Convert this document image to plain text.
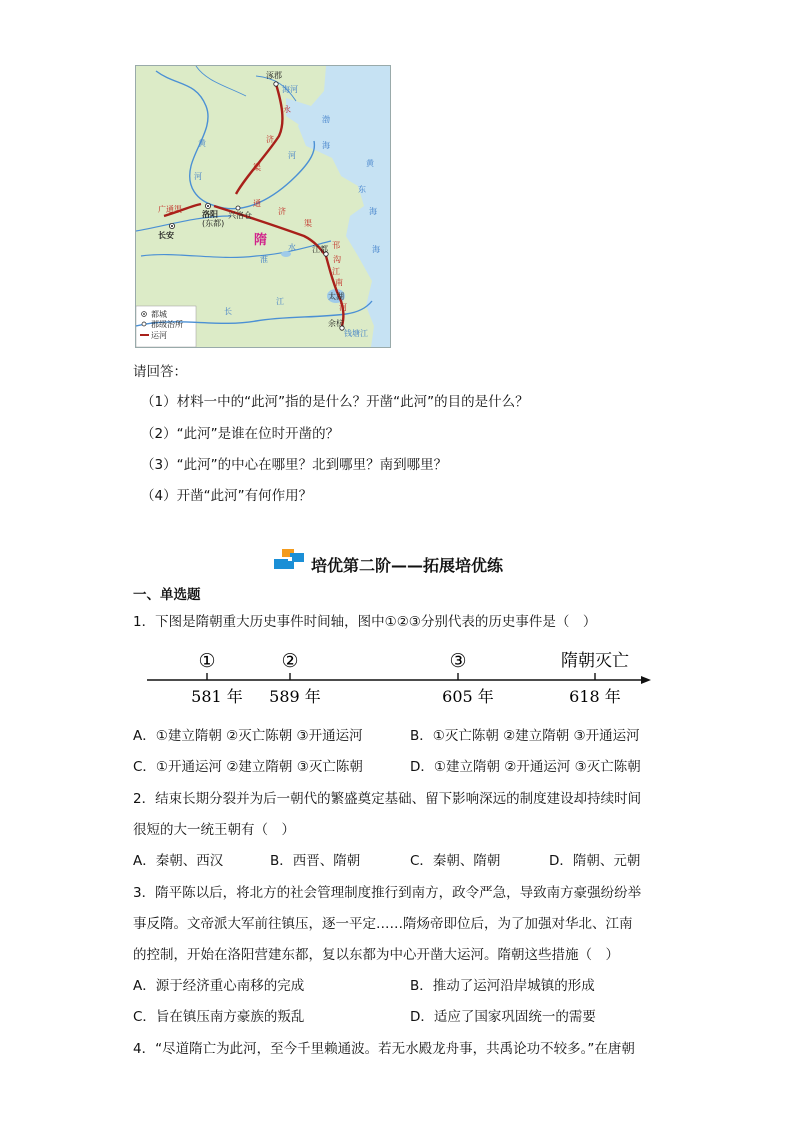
涿郡
海河
永
济
渠
黄
河
河
广通渠
洛阳
(东都)
兴洛仓
长安	隋
通
济
渠
淮
水
渤
海
黄
海
东
海
江都 邗
沟
江
南
河
太湖
余杭
钱塘江
长
江
都城
郡级治所
运河
请回答：
（1）材料一中的“此河”指的是什么？开凿“此河”的目的是什么？
（2）“此河”是谁在位时开凿的？
（3）“此河”的中心在哪里？北到哪里？南到哪里？
（4）开凿“此河”有何作用？
培优第二阶——拓展培优练
一、单选题
1．下图是隋朝重大历史事件时间轴，图中①②③分别代表的历史事件是（　）
①	②	③	隋朝灭亡
581 年 589 年	605 年	618 年
A．①建立隋朝 ②灭亡陈朝 ③开通运河	B．①灭亡陈朝 ②建立隋朝 ③开通运河
C．①开通运河 ②建立隋朝 ③灭亡陈朝	D．①建立隋朝 ②开通运河 ③灭亡陈朝
2．结束长期分裂并为后一朝代的繁盛奠定基础、留下影响深远的制度建设却持续时间
很短的大一统王朝有（　）
A．秦朝、西汉	B．西晋、隋朝	C．秦朝、隋朝	D．隋朝、元朝
3．隋平陈以后，将北方的社会管理制度推行到南方，政令严急，导致南方豪强纷纷举
事反隋。文帝派大军前往镇压，逐一平定……隋炀帝即位后，为了加强对华北、江南
的控制，开始在洛阳营建东都，复以东都为中心开凿大运河。隋朝这些措施（　）
A．源于经济重心南移的完成	B．推动了运河沿岸城镇的形成
C．旨在镇压南方豪族的叛乱	D．适应了国家巩固统一的需要
4．“尽道隋亡为此河，至今千里赖通波。若无水殿龙舟事，共禹论功不较多。”在唐朝
